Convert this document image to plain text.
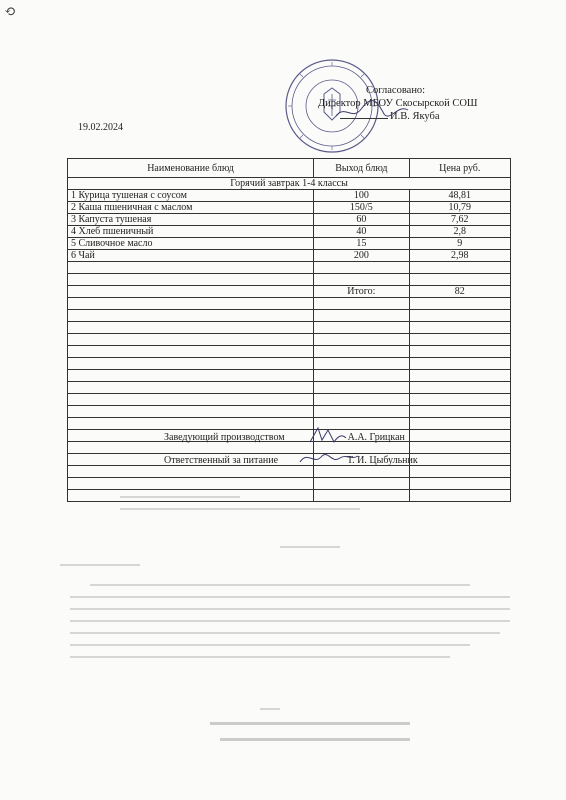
⟲
Согласовано:
Директор МБОУ Скосырской СОШ
И.В. Якуба
19.02.2024
Наименование блюд	Выход блюд	Цена руб.
Горячий завтрак 1-4 классы		
1 Курица тушеная с соусом	100	48,81
2 Каша пшеничная с маслом	150/5	10,79
3 Капуста тушеная	60	7,62
4 Хлеб пшеничный	40	2,8
5 Сливочное масло	15	9
6 Чай	200	2,98

	Итого:	82

Заведующий производством	А.А. Грицкан
Ответственный за питание	Т. И. Цыбульник
